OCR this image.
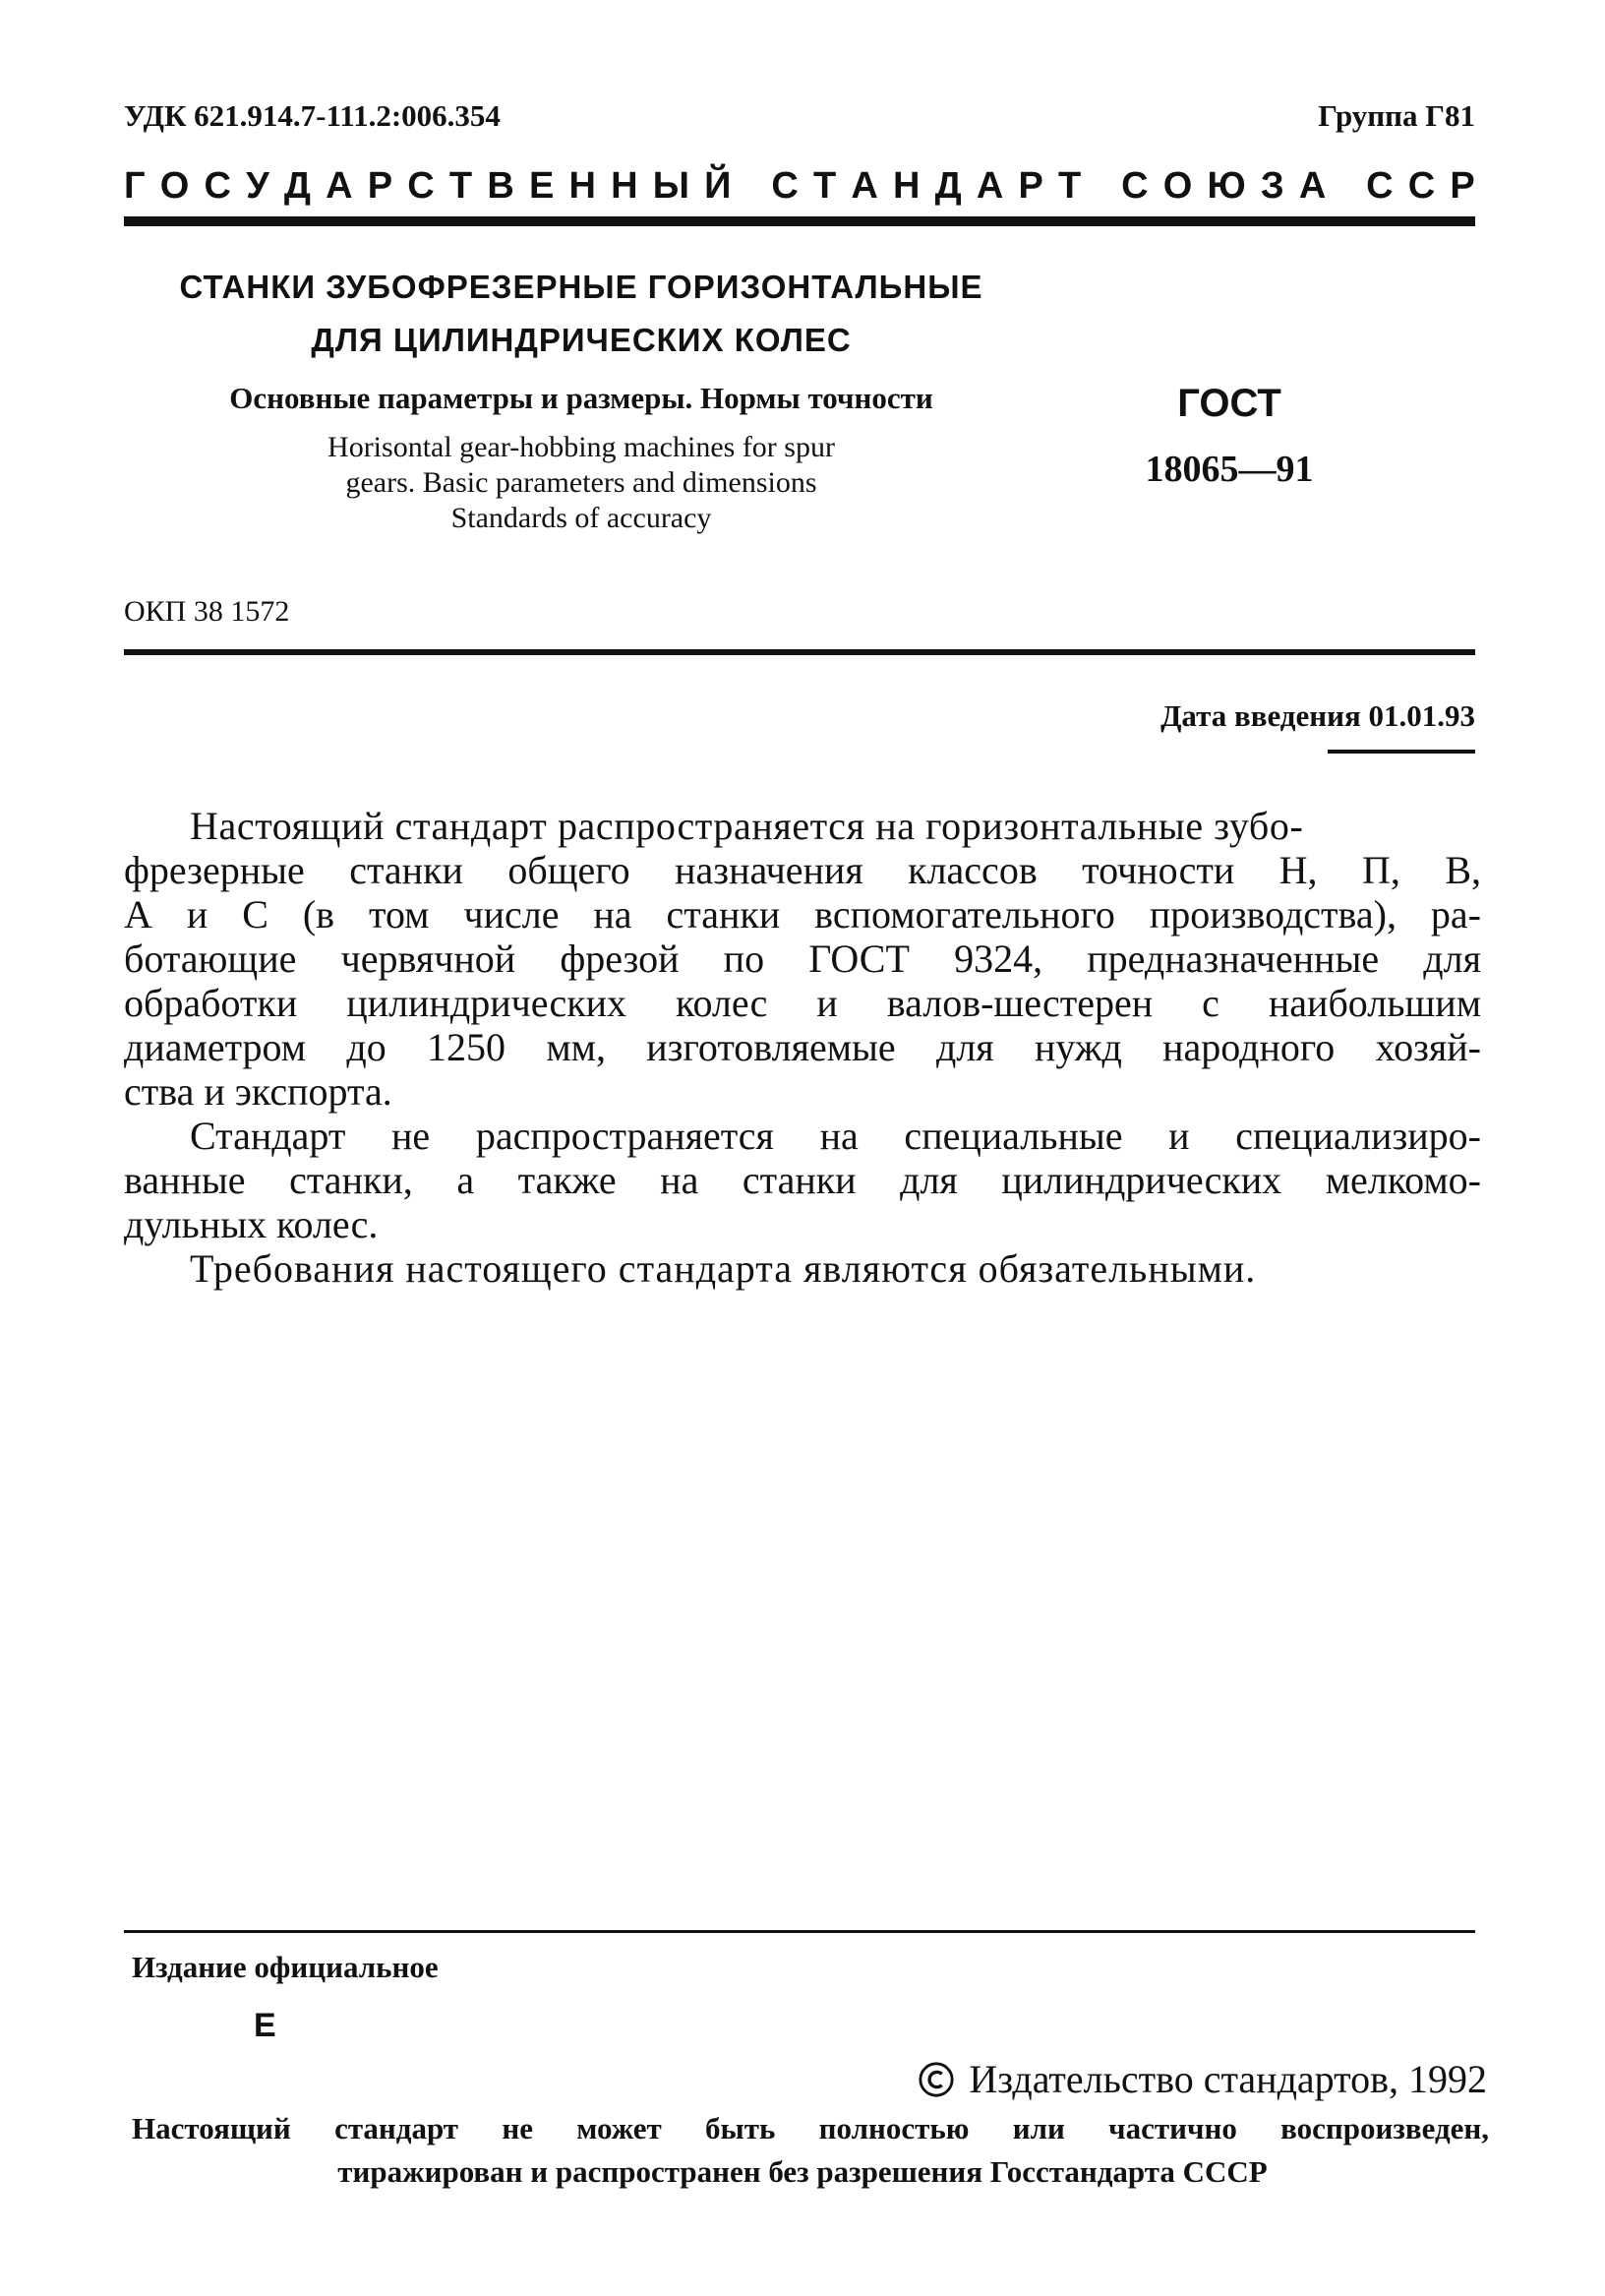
УДК 621.914.7-111.2:006.354	Группа Г81
Г О С У Д А Р С Т В Е Н Н Ы Й
С Т А Н Д А Р Т
С О Ю З А
С С Р
СТАНКИ ЗУБОФРЕЗЕРНЫЕ ГОРИЗОНТАЛЬНЫЕ
ДЛЯ ЦИЛИНДРИЧЕСКИХ КОЛЕС
Основные параметры и размеры. Нормы точности
Horisontal gear-hobbing machines for spur
gears. Basic parameters and dimensions
Standards of accuracy
ГОСТ
18065—91
ОКП 38 1572
Дата введения 01.01.93
Настоящий стандарт распространяется на горизонтальные зубо-
фрезерные станки общего назначения классов точности Н, П, В,
А и С (в том числе на станки вспомогательного производства), ра-
ботающие червячной фрезой по ГОСТ 9324, предназначенные для
обработки цилиндрических колес и валов-шестерен с наибольшим
диаметром до 1250 мм, изготовляемые для нужд народного хозяй-
ства и экспорта.
Стандарт не распространяется на специальные и специализиро-
ванные станки, а также на станки для цилиндрических мелкомо-
дульных колес.
Требования настоящего стандарта являются обязательными.
Издание официальное
Е
Издательство стандартов, 1992
Настоящий стандарт не может быть полностью или частично воспроизведен,
тиражирован и распространен без разрешения Госстандарта СССР
